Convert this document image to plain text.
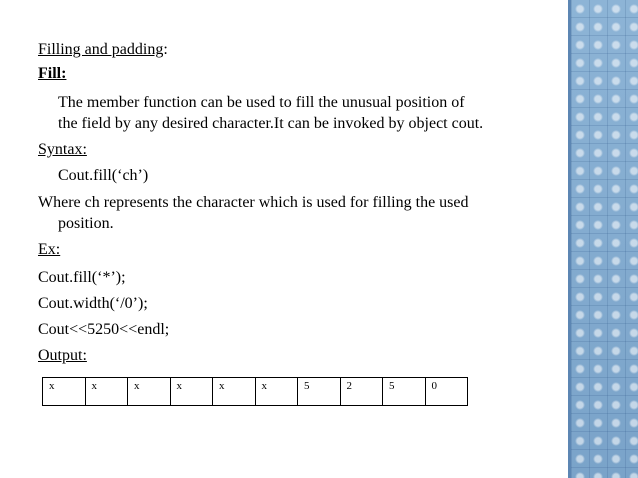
Filling and padding:
Fill:
The member function can be used to fill the unusual position of
the field by any desired character.It can be invoked by object cout.
Syntax:
Cout.fill(‘ch’)
Where ch represents the character which is used for filling the used
position.
Ex:
Cout.fill(‘*’);
Cout.width(‘/0’);
Cout<<5250<<endl;
Output:
x	x	x	x	x	x	5	2	5	0
